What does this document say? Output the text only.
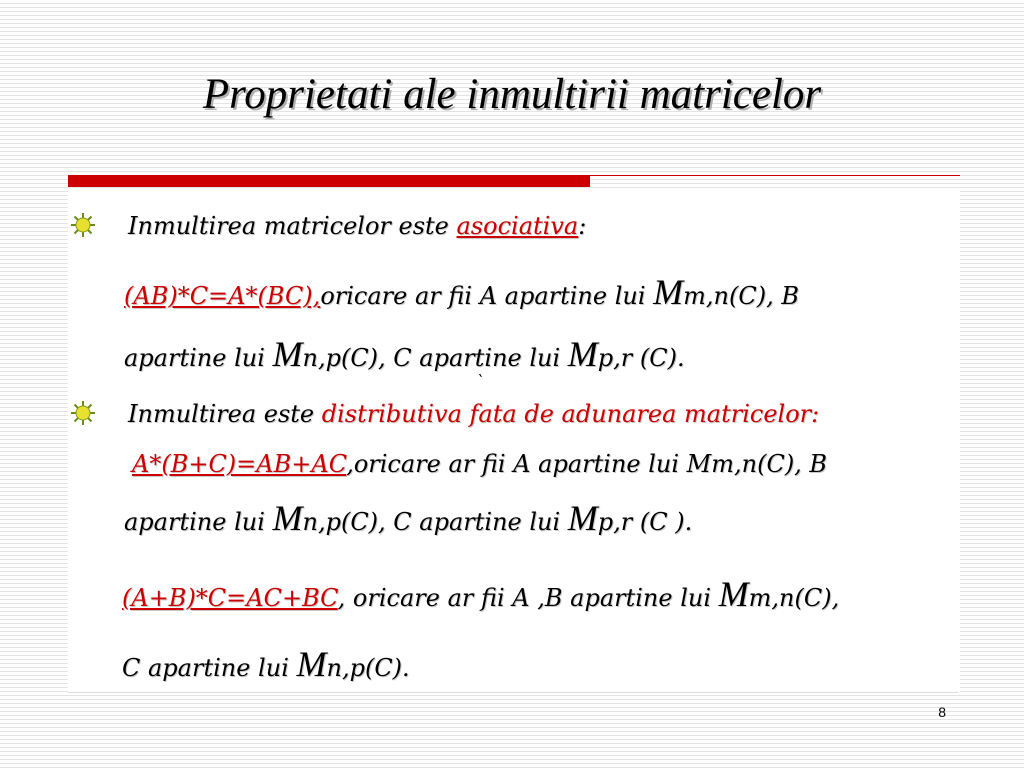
Proprietati ale inmultirii matricelor
Inmultirea matricelor este asociativa:
(AB)*C=A*(BC),oricare ar fii A apartine lui Mm,n(C), B
apartine lui Mn,p(C), C apartine lui Mp,r (C).
`
Inmultirea este distributiva fata de adunarea matricelor:
A*(B+C)=AB+AC,oricare ar fii A apartine lui Mm,n(C), B
apartine lui Mn,p(C), C apartine lui Mp,r (C ).
(A+B)*C=AC+BC, oricare ar fii A ,B apartine lui Mm,n(C),
C apartine lui Mn,p(C).
8
